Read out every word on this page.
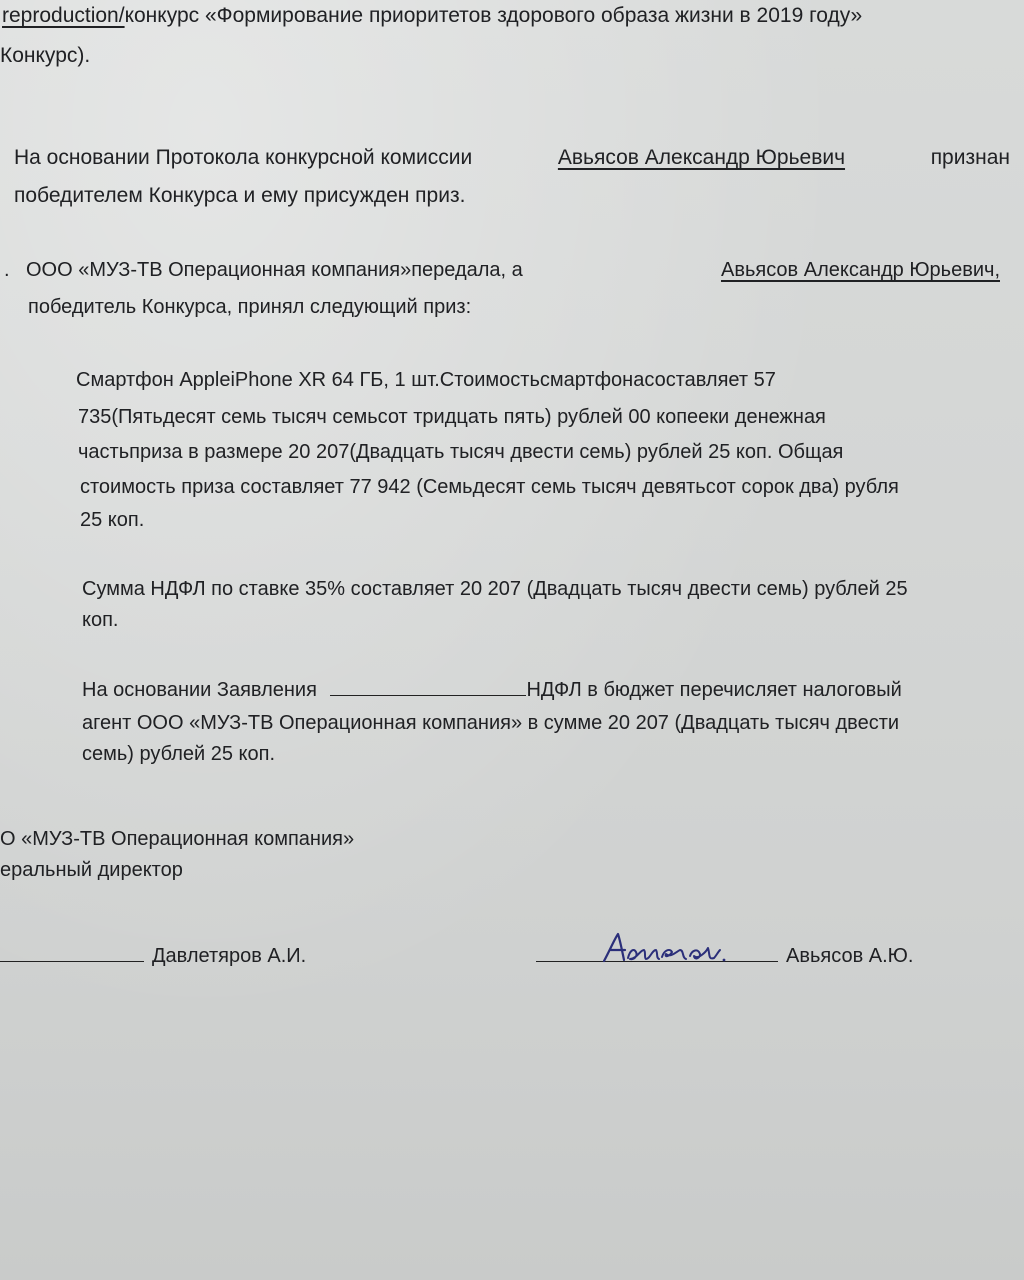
reproduction/конкурс «Формирование приоритетов здорового образа жизни в 2019 году»
Конкурс).
На основании Протокола конкурсной комиссии	Авьясов Александр Юрьевич	признан
победителем Конкурса и ему присужден приз.
. ООО «МУЗ-ТВ Операционная компания»передала, а	Авьясов Александр Юрьевич,
победитель Конкурса, принял следующий приз:
Смартфон AppleiPhone XR 64 ГБ, 1 шт.Стоимостьсмартфонасоставляет 57
735(Пятьдесят семь тысяч семьсот тридцать пять) рублей 00 копееки денежная
частьприза в размере 20 207(Двадцать тысяч двести семь) рублей 25 коп. Общая
стоимость приза составляет 77 942 (Семьдесят семь тысяч девятьсот сорок два) рубля
25 коп.
Сумма НДФЛ по ставке 35% составляет 20 207 (Двадцать тысяч двести семь) рублей 25
коп.
На основании Заявления	НДФЛ в бюджет перечисляет налоговый
агент ООО «МУЗ-ТВ Операционная компания» в сумме 20 207 (Двадцать тысяч двести
семь) рублей 25 коп.
О «МУЗ-ТВ Операционная компания»
еральный директор
Давлетяров А.И.	Авьясов А.Ю.
